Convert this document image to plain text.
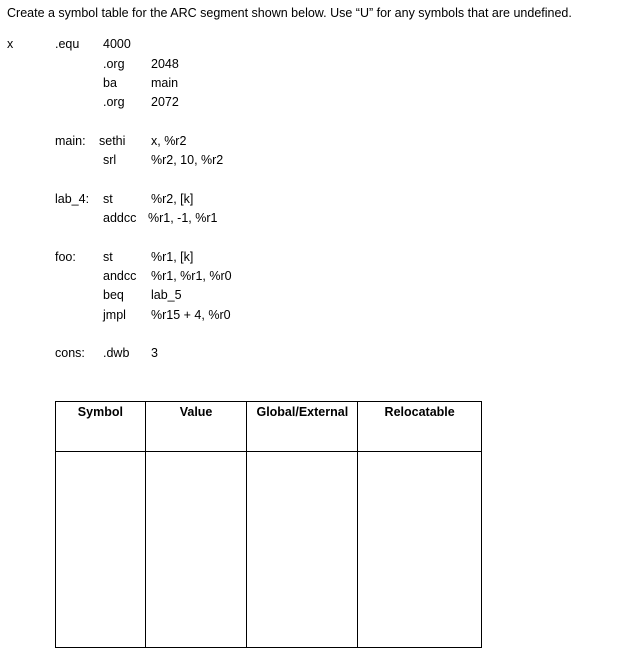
Create a symbol table for the ARC segment shown below. Use “U” for any symbols that are undefined.
x	.equ 4000
.org 2048
ba	main
.org 2072
main: sethi x, %r2
srl	%r2, 10, %r2
lab_4: st	%r2, [k]
addcc %r1, -1, %r1
foo: st	%r1, [k]
andcc %r1, %r1, %r0
beq lab_5
jmpl %r15 + 4, %r0
cons: .dwb 3
Symbol	Value	Global/External	Relocatable
